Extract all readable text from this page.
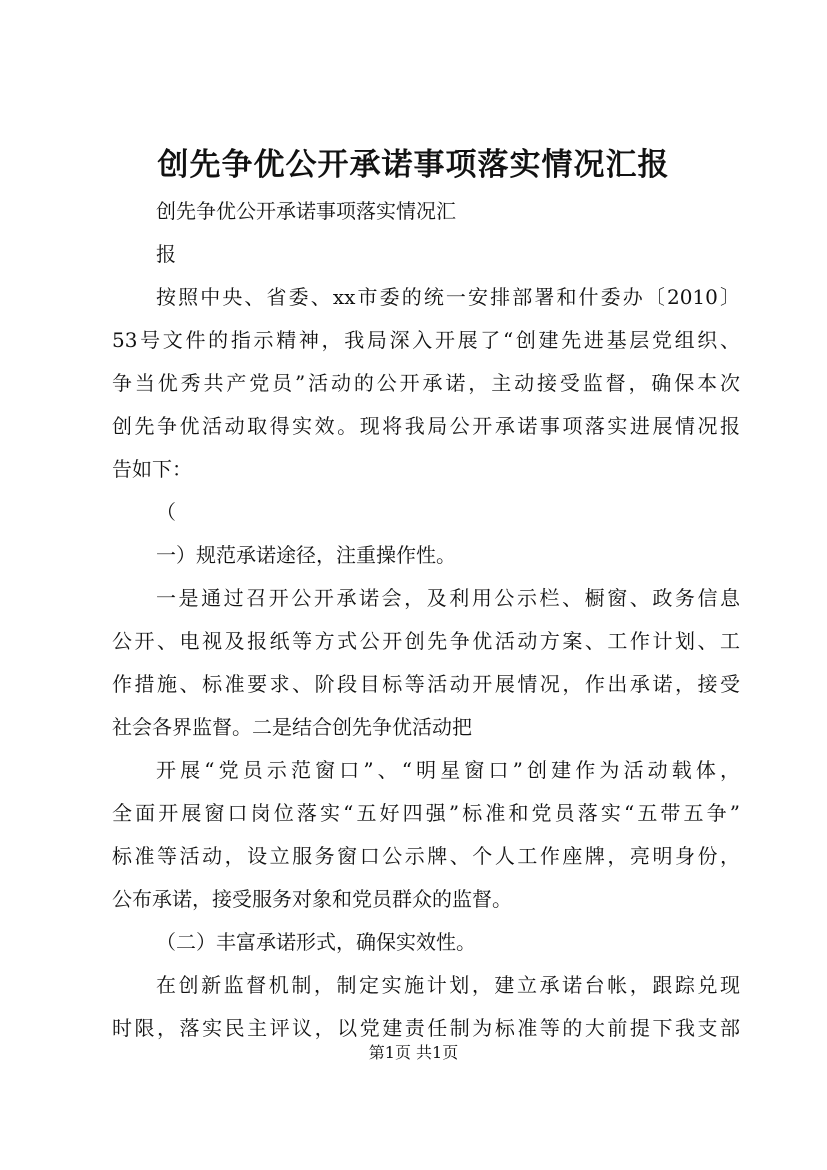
创先争优公开承诺事项落实情况汇报
创先争优公开承诺事项落实情况汇
报
按照中央、省委、xx市委的统一安排部署和什委办〔2010〕
53号文件的指示精神，我局深入开展了“创建先进基层党组织、
争当优秀共产党员”活动的公开承诺，主动接受监督，确保本次
创先争优活动取得实效。现将我局公开承诺事项落实进展情况报
告如下：
（
一）规范承诺途径，注重操作性。
一是通过召开公开承诺会，及利用公示栏、橱窗、政务信息
公开、电视及报纸等方式公开创先争优活动方案、工作计划、工
作措施、标准要求、阶段目标等活动开展情况，作出承诺，接受
社会各界监督。二是结合创先争优活动把
开展“党员示范窗口”、“明星窗口”创建作为活动载体，
全面开展窗口岗位落实“五好四强”标准和党员落实“五带五争”
标准等活动，设立服务窗口公示牌、个人工作座牌，亮明身份，
公布承诺，接受服务对象和党员群众的监督。
（二）丰富承诺形式，确保实效性。
在创新监督机制，制定实施计划，建立承诺台帐，跟踪兑现
时限，落实民主评议，以党建责任制为标准等的大前提下我支部
第1页 共1页
